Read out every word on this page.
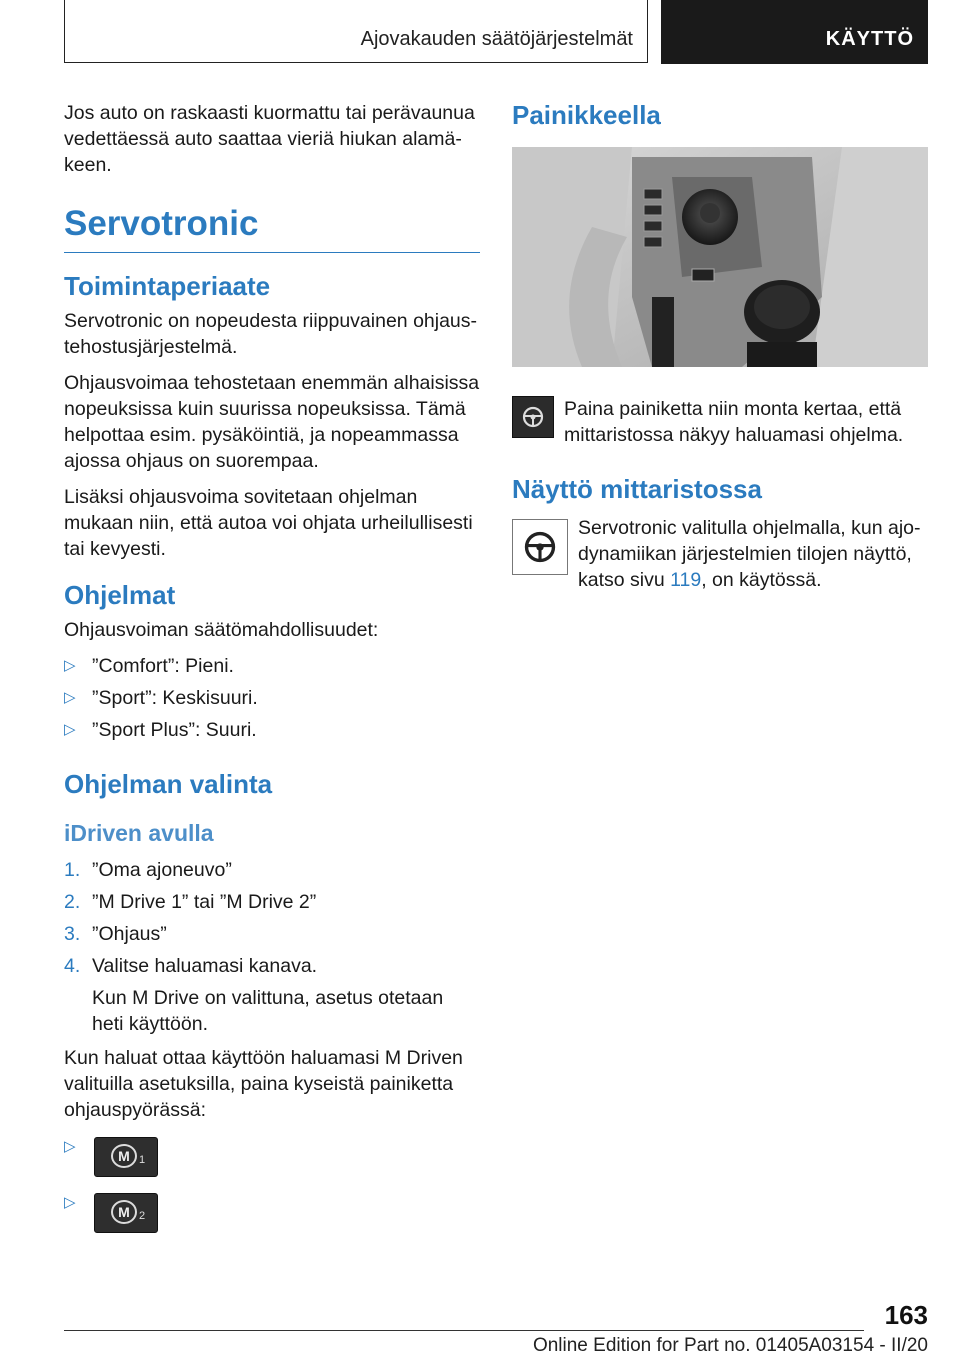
Ajovakauden säätöjärjestelmät	KÄYTTÖ

Jos auto on raskaasti kuormattu tai perävaunua vedettäessä auto saattaa vieriä hiukan alamäkeen.

Servotronic
Toimintaperiaate

Servotronic on nopeudesta riippuvainen ohjaustehostusjärjestelmä.

Ohjausvoimaa tehostetaan enemmän alhaisissa nopeuksissa kuin suurissa nopeuksissa. Tämä helpottaa esim. pysäköintiä, ja nopeammassa ajossa ohjaus on suorempaa.

Lisäksi ohjausvoima sovitetaan ohjelman mukaan niin, että autoa voi ohjata urheilullisesti tai kevyesti.

Ohjelmat

Ohjausvoiman säätömahdollisuudet:

▷ ”Comfort”: Pieni.
▷ ”Sport”: Keskisuuri.
▷ ”Sport Plus”: Suuri.
Ohjelman valinta
iDriven avulla
1. ”Oma ajoneuvo”
2. ”M Drive 1” tai ”M Drive 2”
3. ”Ohjaus”
4. Valitse haluamasi kanava.
Kun M Drive on valittuna, asetus otetaan heti käyttöön.

Kun haluat ottaa käyttöön haluamasi M Driven valituilla asetuksilla, paina kyseistä painiketta ohjauspyörässä:

▷
M 1
▷
M 2
Painikkeella

Paina painiketta niin monta kertaa, että mittaristossa näkyy haluamasi ohjelma.

Näyttö mittaristossa

Servotronic valitulla ohjelmalla, kun ajodynamiikan järjestelmien tilojen näyttö, katso sivu 119, on käytössä.

163
Online Edition for Part no. 01405A03154 - II/20
